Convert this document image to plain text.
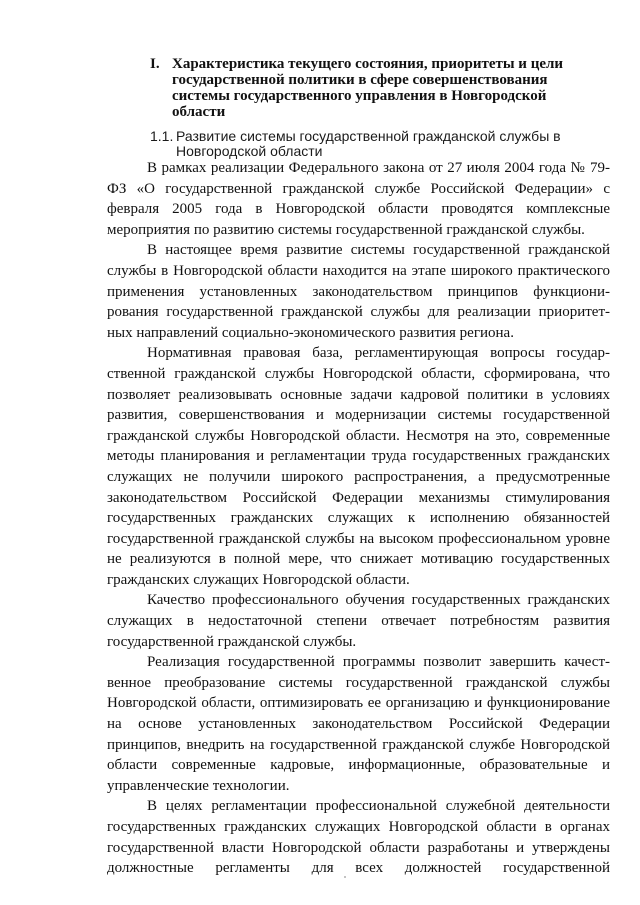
I. Характеристика текущего состояния, приоритеты и цели государственной политики в сфере совершенствования системы государственного управления в Новгородской области
1.1. Развитие системы государственной гражданской службы в Новгородской области

В рамках реализации Федерального закона от 27 июля 2004 года № 79-ФЗ «О государственной гражданской службе Российской Федерации» с февраля 2005 года в Новгородской области проводятся комплексные мероприятия по развитию системы государственной гражданской службы.

В настоящее время развитие системы государственной гражданской службы в Новгородской области находится на этапе широкого практического применения установленных законодательством принципов функциони-рования государственной гражданской службы для реализации приоритет-ных направлений социально-экономического развития региона.

Нормативная правовая база, регламентирующая вопросы государ-ственной гражданской службы Новгородской области, сформирована, что позволяет реализовывать основные задачи кадровой политики в условиях развития, совершенствования и модернизации системы государственной гражданской службы Новгородской области. Несмотря на это, современные методы планирования и регламентации труда государственных гражданских служащих не получили широкого распространения, а предусмотренные законодательством Российской Федерации механизмы стимулирования государственных гражданских служащих к исполнению обязанностей государственной гражданской службы на высоком профессиональном уровне не реализуются в полной мере, что снижает мотивацию государственных гражданских служащих Новгородской области.

Качество профессионального обучения государственных гражданских служащих в недостаточной степени отвечает потребностям развития государственной гражданской службы.

Реализация государственной программы позволит завершить качест-венное преобразование системы государственной гражданской службы Новгородской области, оптимизировать ее организацию и функционирование на основе установленных законодательством Российской Федерации принципов, внедрить на государственной гражданской службе Новгородской области современные кадровые, информационные, образовательные и управленческие технологии.

В целях регламентации профессиональной служебной деятельности государственных гражданских служащих Новгородской области в органах государственной власти Новгородской области разработаны и утверждены должностные регламенты для всех должностей государственной
